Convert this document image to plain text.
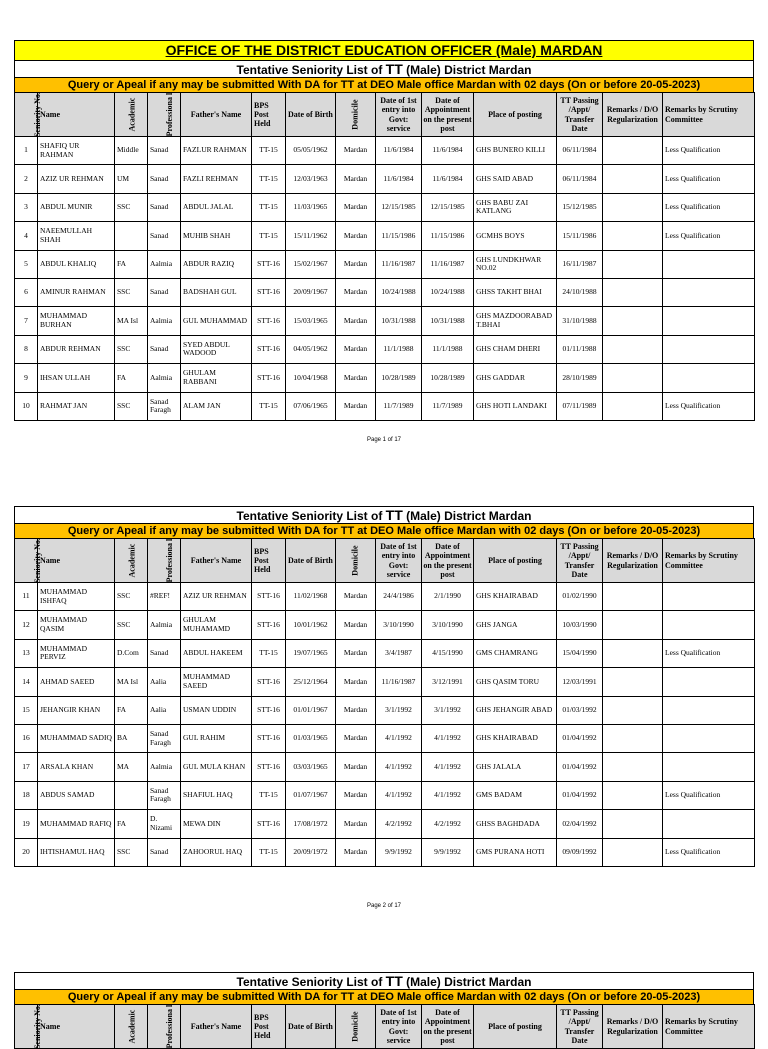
OFFICE OF THE DISTRICT EDUCATION OFFICER (Male) MARDAN
Tentative Seniority List of TT (Male) District Mardan
Query or Apeal if any may be submitted With DA for TT at DEO Male office Mardan with 02 days (On or before 20-05-2023)
Seniority No.	Name	Academic	Professiona l	Father's Name	BPS Post Held	Date of Birth	Domicile	Date of 1st entry into Govt: service	Date of Appointment on the present post	Place of posting	TT Passing /Appt/ Transfer Date	Remarks / D/O Regularization	Remarks by Scrutiny Committee
1	SHAFIQ UR RAHMAN	Middle	Sanad	FAZLUR RAHMAN	TT-15	05/05/1962	Mardan	11/6/1984	11/6/1984	GHS BUNERO KILLI	06/11/1984		Less Qualification
2	AZIZ UR REHMAN	UM	Sanad	FAZLI REHMAN	TT-15	12/03/1963	Mardan	11/6/1984	11/6/1984	GHS SAID ABAD	06/11/1984		Less Qualification
3	ABDUL MUNIR	SSC	Sanad	ABDUL JALAL	TT-15	11/03/1965	Mardan	12/15/1985	12/15/1985	GHS BABU ZAI KATLANG	15/12/1985		Less Qualification
4	NAEEMULLAH SHAH		Sanad	MUHIB SHAH	TT-15	15/11/1962	Mardan	11/15/1986	11/15/1986	GCMHS BOYS	15/11/1986		Less Qualification
5	ABDUL KHALIQ	FA	Aalmia	ABDUR RAZIQ	STT-16	15/02/1967	Mardan	11/16/1987	11/16/1987	GHS LUNDKHWAR NO.02	16/11/1987		
6	AMINUR RAHMAN	SSC	Sanad	BADSHAH GUL	STT-16	20/09/1967	Mardan	10/24/1988	10/24/1988	GHSS TAKHT BHAI	24/10/1988		
7	MUHAMMAD BURHAN	MA Isl	Aalmia	GUL MUHAMMAD	STT-16	15/03/1965	Mardan	10/31/1988	10/31/1988	GHS MAZDOORABAD T.BHAI	31/10/1988		
8	ABDUR REHMAN	SSC	Sanad	SYED ABDUL WADOOD	STT-16	04/05/1962	Mardan	11/1/1988	11/1/1988	GHS CHAM DHERI	01/11/1988		
9	IHSAN ULLAH	FA	Aalmia	GHULAM RABBANI	STT-16	10/04/1968	Mardan	10/28/1989	10/28/1989	GHS GADDAR	28/10/1989		
10	RAHMAT JAN	SSC	Sanad Faragh	ALAM JAN	TT-15	07/06/1965	Mardan	11/7/1989	11/7/1989	GHS HOTI LANDAKI	07/11/1989		Less Qualification
Page 1 of 17
Tentative Seniority List of TT (Male) District Mardan
Query or Apeal if any may be submitted With DA for TT at DEO Male office Mardan with 02 days (On or before 20-05-2023)
Seniority No.	Name	Academic	Professiona l	Father's Name	BPS Post Held	Date of Birth	Domicile	Date of 1st entry into Govt: service	Date of Appointment on the present post	Place of posting	TT Passing /Appt/ Transfer Date	Remarks / D/O Regularization	Remarks by Scrutiny Committee
11	MUHAMMAD ISHFAQ	SSC	#REF!	AZIZ UR REHMAN	STT-16	11/02/1968	Mardan	24/4/1986	2/1/1990	GHS KHAIRABAD	01/02/1990		
12	MUHAMMAD QASIM	SSC	Aalmia	GHULAM MUHAMAMD	STT-16	10/01/1962	Mardan	3/10/1990	3/10/1990	GHS JANGA	10/03/1990		
13	MUHAMMAD PERVIZ	D.Com	Sanad	ABDUL HAKEEM	TT-15	19/07/1965	Mardan	3/4/1987	4/15/1990	GMS CHAMRANG	15/04/1990		Less Qualification
14	AHMAD SAEED	MA Isl	Aalia	MUHAMMAD SAEED	STT-16	25/12/1964	Mardan	11/16/1987	3/12/1991	GHS QASIM TORU	12/03/1991		
15	JEHANGIR KHAN	FA	Aalia	USMAN UDDIN	STT-16	01/01/1967	Mardan	3/1/1992	3/1/1992	GHS JEHANGIR ABAD	01/03/1992		
16	MUHAMMAD SADIQ	BA	Sanad Faragh	GUL RAHIM	STT-16	01/03/1965	Mardan	4/1/1992	4/1/1992	GHS KHAIRABAD	01/04/1992		
17	ARSALA KHAN	MA	Aalmia	GUL MULA KHAN	STT-16	03/03/1965	Mardan	4/1/1992	4/1/1992	GHS JALALA	01/04/1992		
18	ABDUS SAMAD		Sanad Faragh	SHAFIUL HAQ	TT-15	01/07/1967	Mardan	4/1/1992	4/1/1992	GMS BADAM	01/04/1992		Less Qualification
19	MUHAMMAD RAFIQ	FA	D. Nizami	MEWA DIN	STT-16	17/08/1972	Mardan	4/2/1992	4/2/1992	GHSS BAGHDADA	02/04/1992		
20	IHTISHAMUL HAQ	SSC	Sanad	ZAHOORUL HAQ	TT-15	20/09/1972	Mardan	9/9/1992	9/9/1992	GMS PURANA HOTI	09/09/1992		Less Qualification
Page 2 of 17
Tentative Seniority List of TT (Male) District Mardan
Query or Apeal if any may be submitted With DA for TT at DEO Male office Mardan with 02 days (On or before 20-05-2023)
Seniority No.	Name	Academic	Professiona l	Father's Name	BPS Post Held	Date of Birth	Domicile	Date of 1st entry into Govt: service	Date of Appointment on the present post	Place of posting	TT Passing /Appt/ Transfer Date	Remarks / D/O Regularization	Remarks by Scrutiny Committee
